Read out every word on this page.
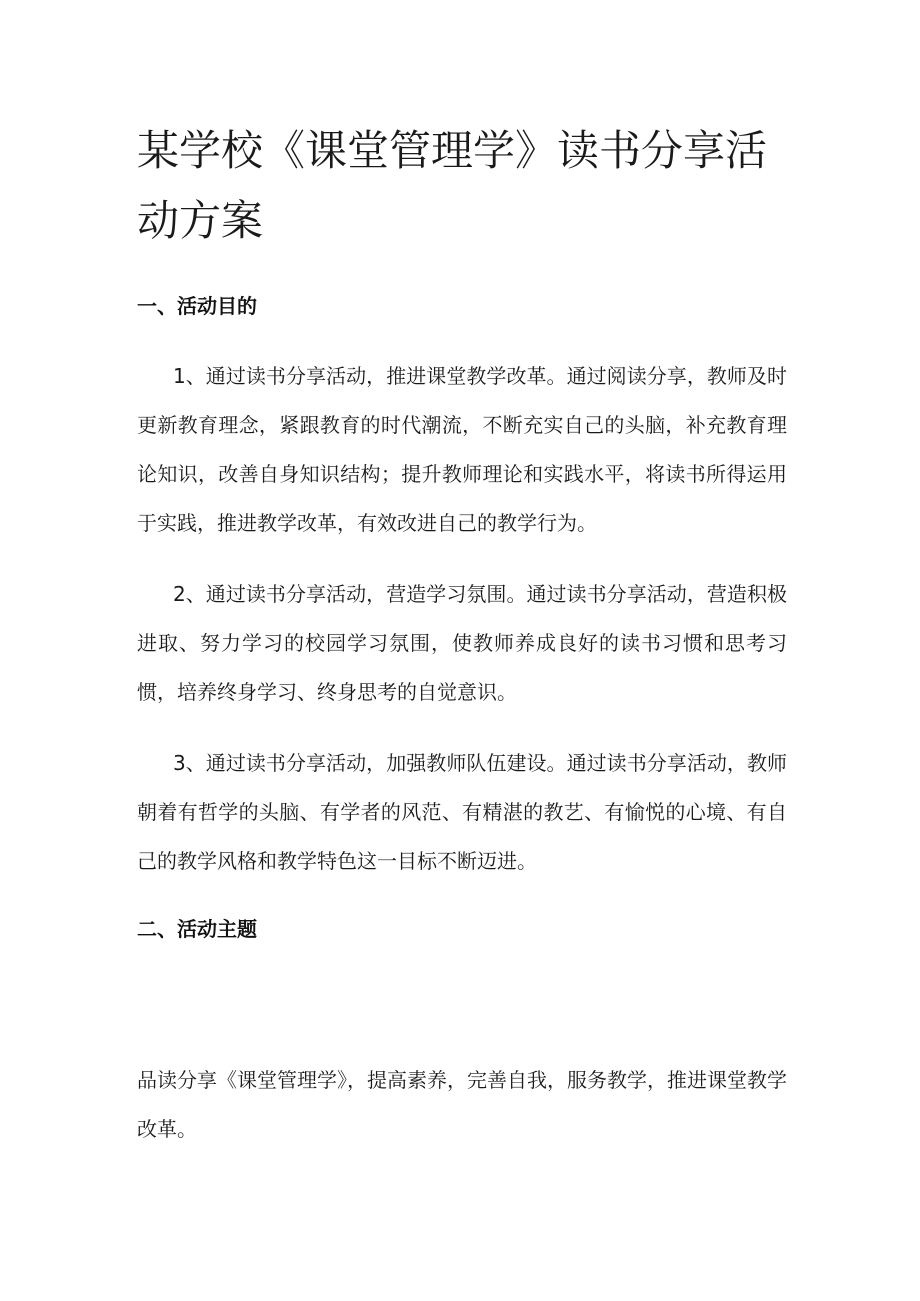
某学校《课堂管理学》读书分享活动方案
一、活动目的

1、通过读书分享活动，推进课堂教学改革。通过阅读分享，教师及时更新教育理念，紧跟教育的时代潮流，不断充实自己的头脑，补充教育理论知识，改善自身知识结构；提升教师理论和实践水平，将读书所得运用于实践，推进教学改革，有效改进自己的教学行为。

2、通过读书分享活动，营造学习氛围。通过读书分享活动，营造积极进取、努力学习的校园学习氛围，使教师养成良好的读书习惯和思考习惯，培养终身学习、终身思考的自觉意识。

3、通过读书分享活动，加强教师队伍建设。通过读书分享活动，教师朝着有哲学的头脑、有学者的风范、有精湛的教艺、有愉悦的心境、有自己的教学风格和教学特色这一目标不断迈进。

二、活动主题

品读分享《课堂管理学》，提高素养，完善自我，服务教学，推进课堂教学改革。
